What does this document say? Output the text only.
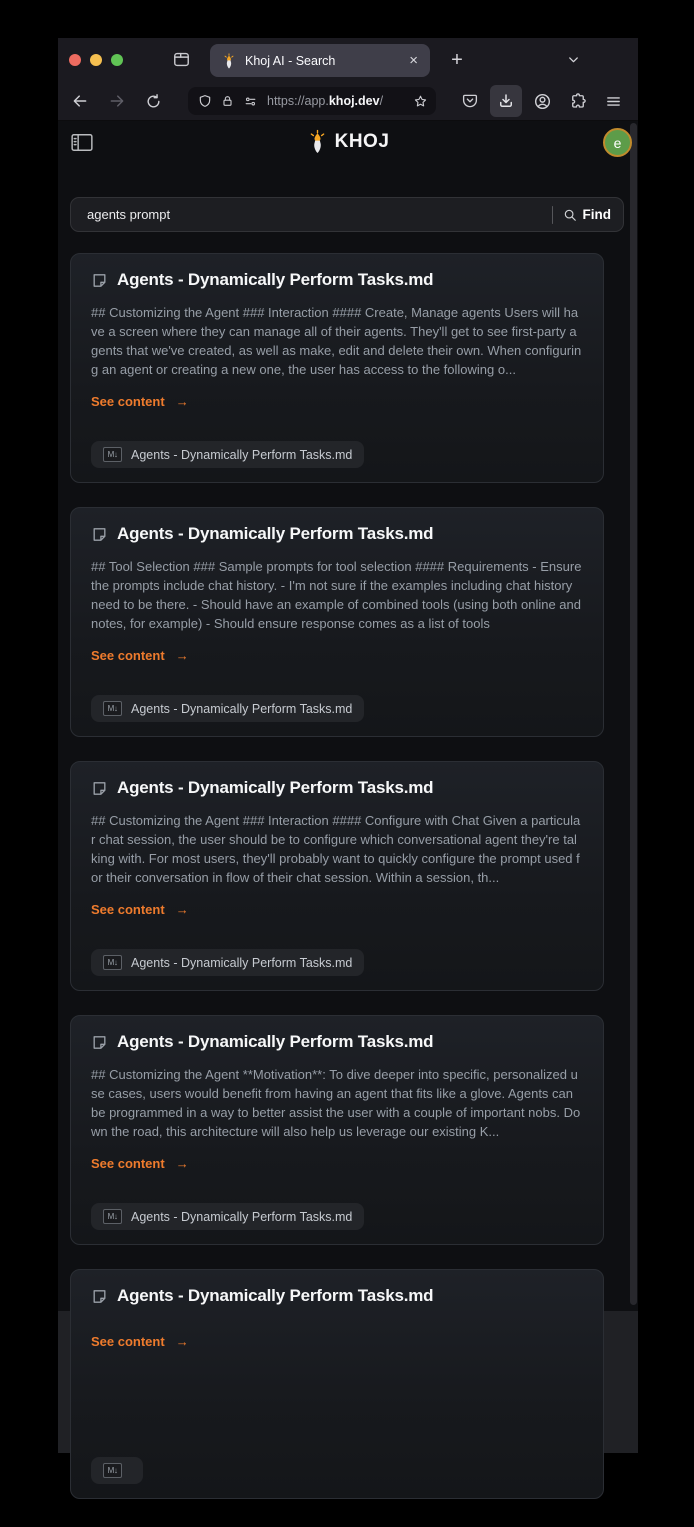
Khoj AI - Search	×	+
https://app.khoj.dev/
KHOJ	e
agents prompt
Find
Agents - Dynamically Perform Tasks.md
## Customizing the Agent ### Interaction #### Create, Manage agents Users will have a screen where they can manage all of their agents. They'll get to see first-party agents that we've created, as well as make, edit and delete their own. When configuring an agent or creating a new one, the user has access to the following o...
See content →
M↓	Agents - Dynamically Perform Tasks.md
Agents - Dynamically Perform Tasks.md
## Tool Selection ### Sample prompts for tool selection #### Requirements - Ensure the prompts include chat history. - I'm not sure if the examples including chat history need to be there. - Should have an example of combined tools (using both online and notes, for example) - Should ensure response comes as a list of tools
See content →
M↓	Agents - Dynamically Perform Tasks.md
Agents - Dynamically Perform Tasks.md
## Customizing the Agent ### Interaction #### Configure with Chat Given a particular chat session, the user should be to configure which conversational agent they're talking with. For most users, they'll probably want to quickly configure the prompt used for their conversation in flow of their chat session. Within a session, th...
See content →
M↓	Agents - Dynamically Perform Tasks.md
Agents - Dynamically Perform Tasks.md
## Customizing the Agent **Motivation**: To dive deeper into specific, personalized use cases, users would benefit from having an agent that fits like a glove. Agents can be programmed in a way to better assist the user with a couple of important nobs. Down the road, this architecture will also help us leverage our existing K...
See content →
M↓	Agents - Dynamically Perform Tasks.md
Agents - Dynamically Perform Tasks.md
See content →
M↓
